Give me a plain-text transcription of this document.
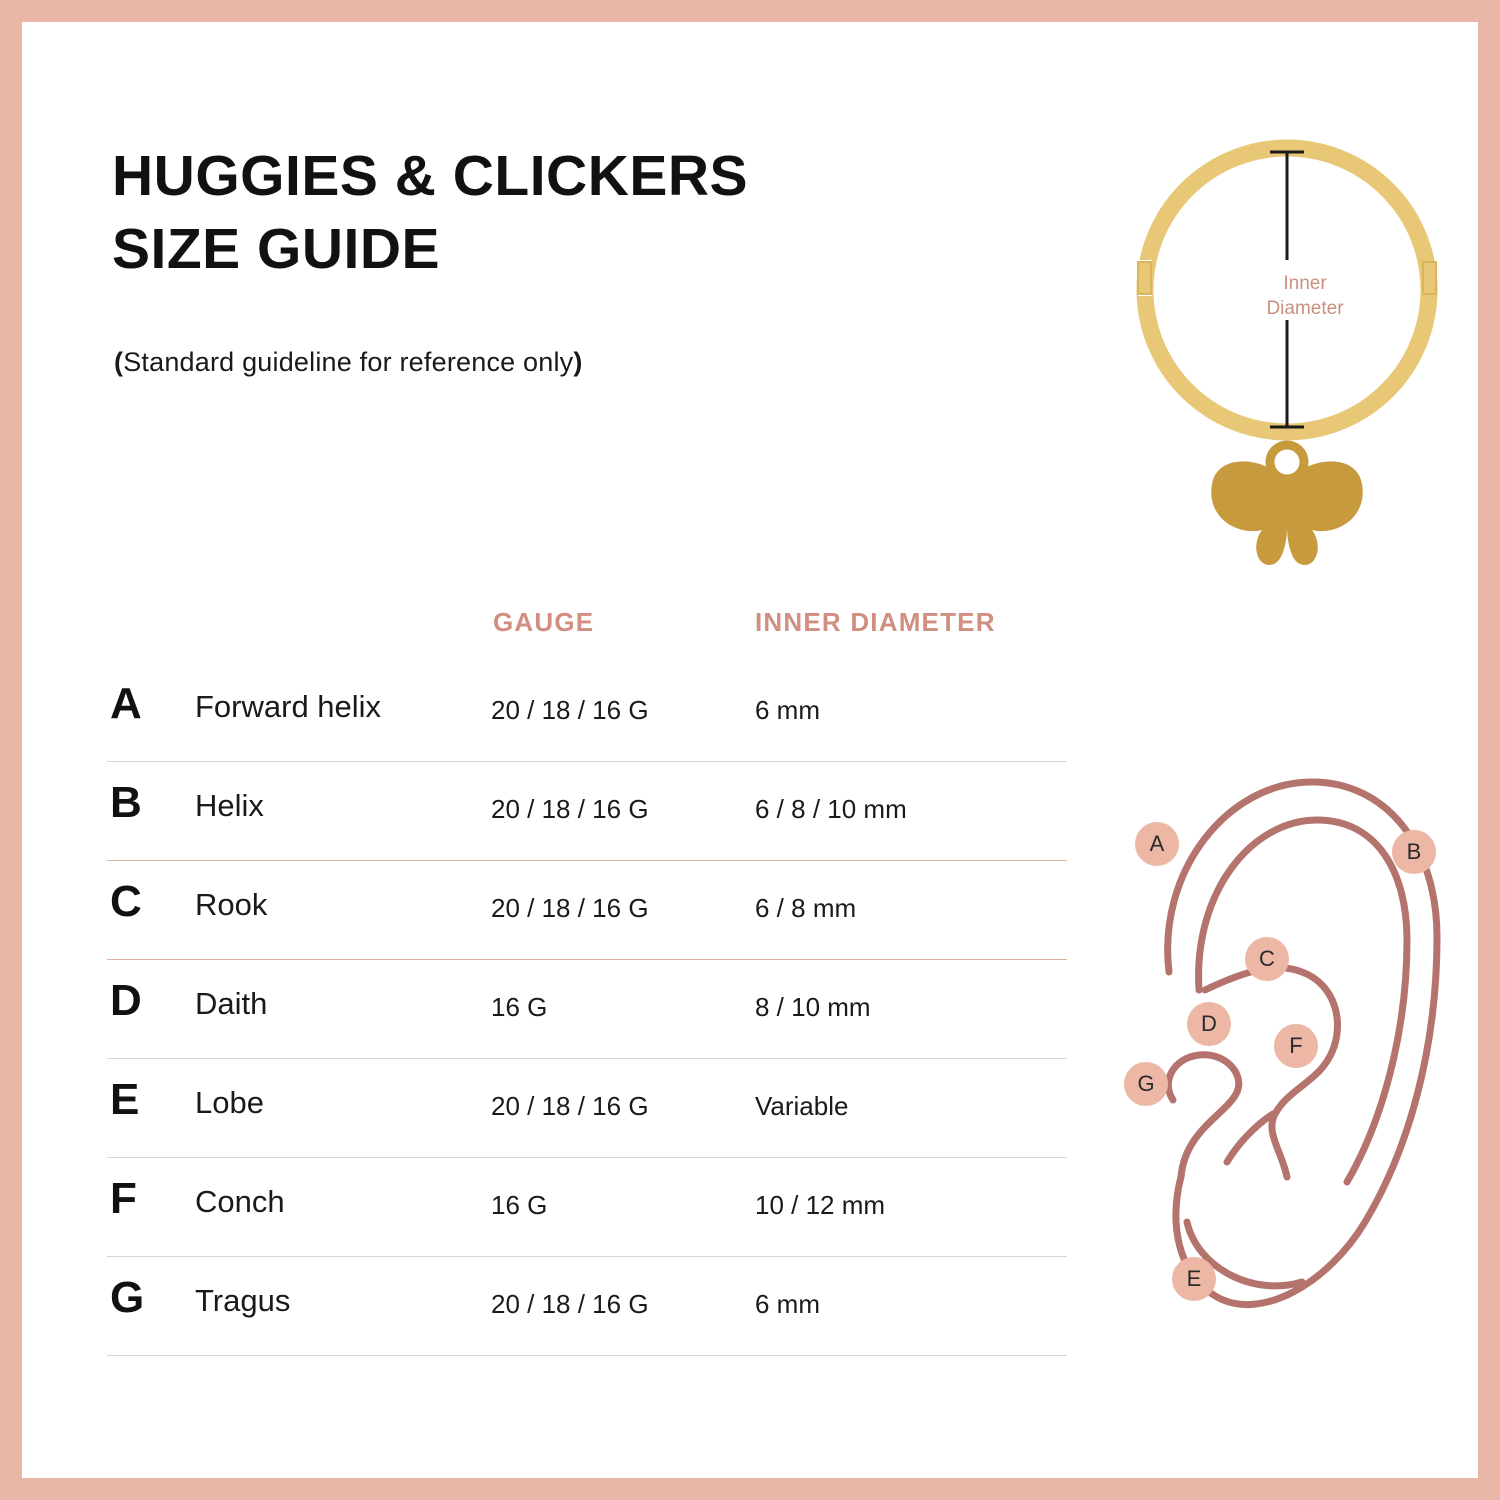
HUGGIES & CLICKERS
SIZE GUIDE
(Standard guideline for reference only)
Inner
Diameter
GAUGE	INNER DIAMETER
A Forward helix	20 / 18 / 16 G	6 mm
B Helix	20 / 18 / 16 G	6 / 8 / 10 mm
C Rook	20 / 18 / 16 G	6 / 8 mm
D Daith	16 G	8 / 10 mm
E Lobe	20 / 18 / 16 G	Variable
F Conch	16 G	10 / 12 mm
G Tragus	20 / 18 / 16 G	6 mm
A	B
C
D
F
G
E
